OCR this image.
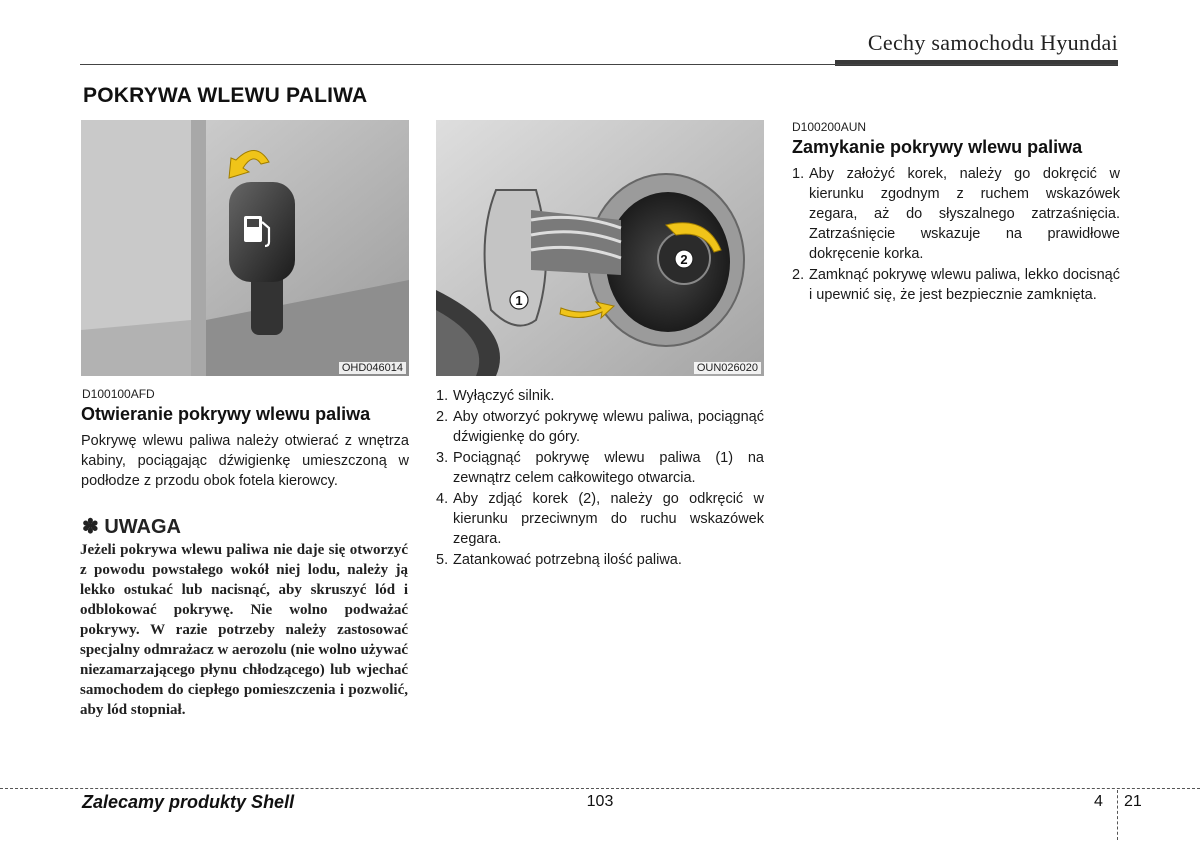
Cechy samochodu Hyundai
POKRYWA WLEWU PALIWA
OHD046014
1
2
OUN026020
D100100AFD
Otwieranie pokrywy wlewu paliwa
Pokrywę wlewu paliwa należy otwierać z wnętrza kabiny, pociągając dźwigienkę umieszczoną w podłodze z przodu obok fotela kierowcy.
✽ UWAGA
Jeżeli pokrywa wlewu paliwa nie daje się otworzyć z powodu powstałego wokół niej lodu, należy ją lekko ostukać lub nacisnąć, aby skruszyć lód i odblokować pokrywę. Nie wolno podważać pokrywy. W razie potrzeby należy zastosować specjalny odmrażacz w aerozolu (nie wolno używać niezamarzającego płynu chłodzącego) lub wjechać samochodem do ciepłego pomieszczenia i pozwolić, aby lód stopniał.
1. Wyłączyć silnik.
2. Aby otworzyć pokrywę wlewu paliwa, pociągnąć dźwigienkę do góry.
3. Pociągnąć pokrywę wlewu paliwa (1) na zewnątrz celem całkowitego otwarcia.
4. Aby zdjąć korek (2), należy go odkręcić w kierunku przeciwnym do ruchu wskazówek zegara.
5. Zatankować potrzebną ilość paliwa.
D100200AUN
Zamykanie pokrywy wlewu paliwa
1. Aby założyć korek, należy go dokręcić w kierunku zgodnym z ruchem wskazówek zegara, aż do słyszalnego zatrzaśnięcia. Zatrzaśnięcie wskazuje na prawidłowe dokręcenie korka.
2. Zamknąć pokrywę wlewu paliwa, lekko docisnąć i upewnić się, że jest bezpiecznie zamknięta.
Zalecamy produkty Shell	103	4 21
